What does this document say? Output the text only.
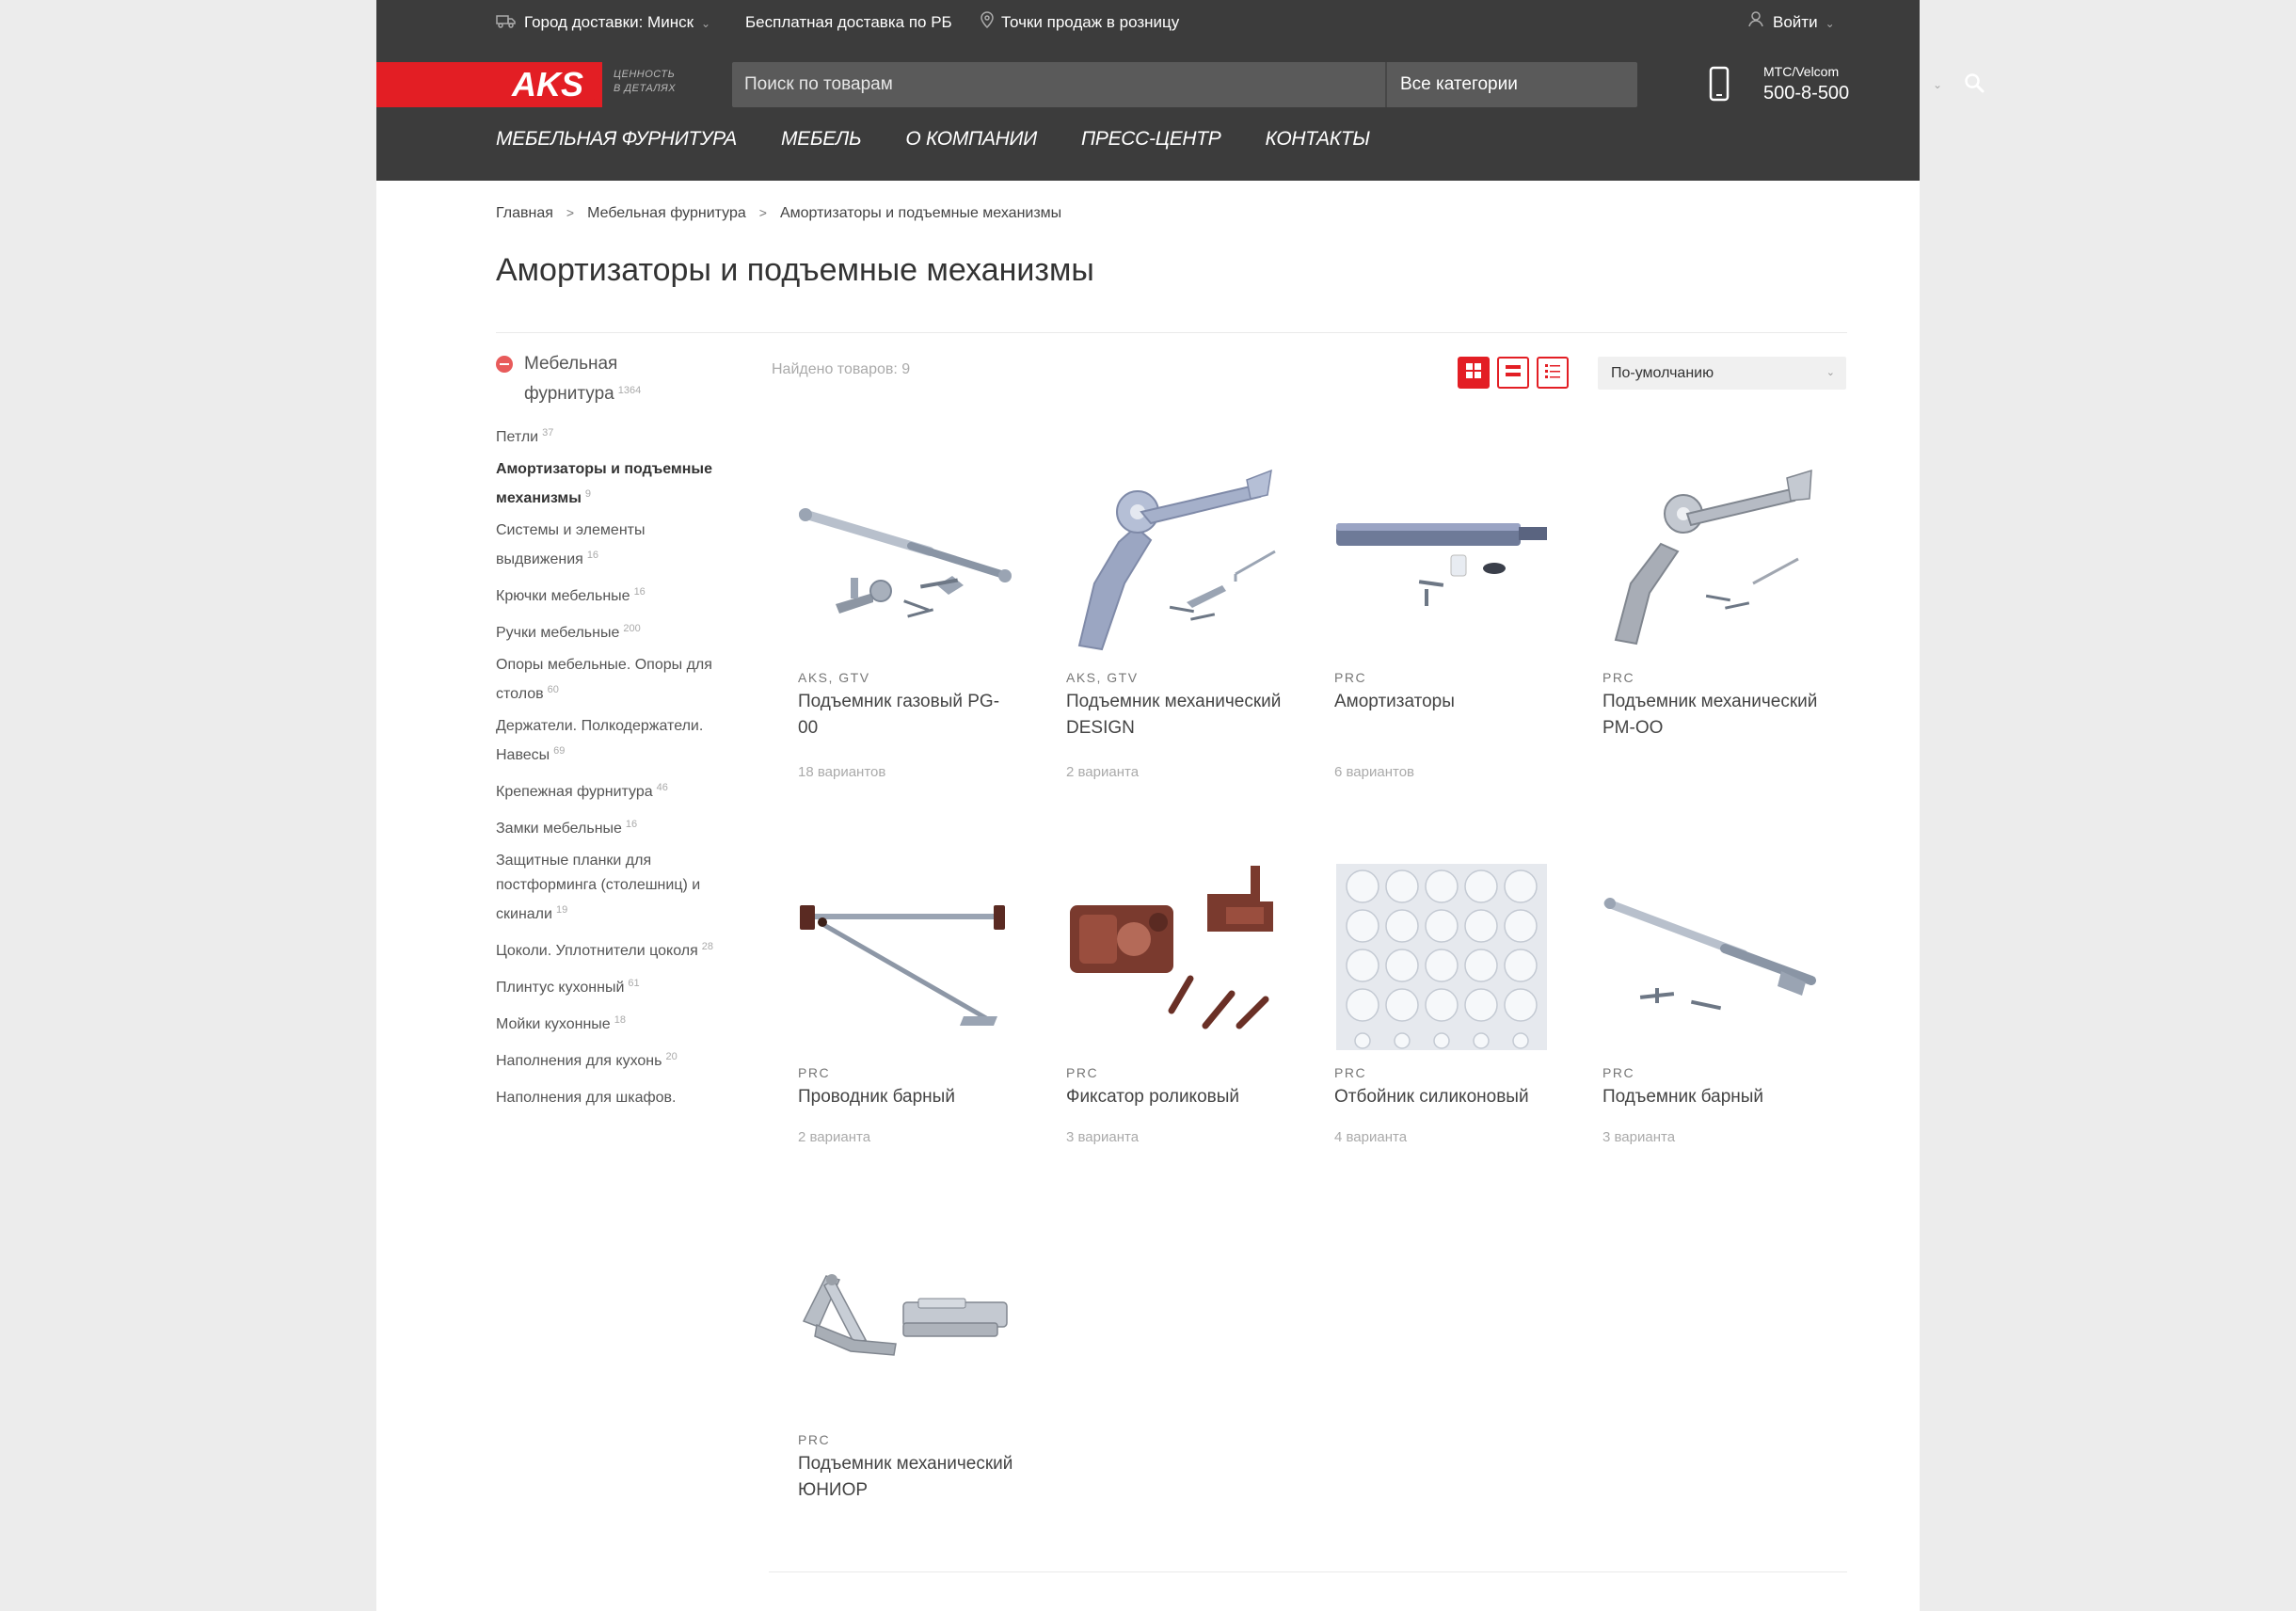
Город доставки: Минск ⌄ Бесплатная доставка по РБ	Точки продаж в розницу	Войти ⌄
AKS	ЦЕННОСТЬ
В ДЕТАЛЯХ
Поиск по товарам	Все категории	⌄
МТС/Velcom
500-8-500
МЕБЕЛЬНАЯ ФУРНИТУРА МЕБЕЛЬ О КОМПАНИИ ПРЕСС-ЦЕНТР КОНТАКТЫ
Главная > Мебельная фурнитура > Амортизаторы и подъемные механизмы
Амортизаторы и подъемные механизмы
Мебельная фурнитура $^{1364}$
Петли $^{37}$
Амортизаторы и подъемные механизмы $^9$
Системы и элементы выдвижения $^{16}$
Крючки мебельные $^{16}$
Ручки мебельные $^{200}$
Опоры мебельные. Опоры для столов $^{60}$
Держатели. Полкодержатели. Навесы $^{69}$
Крепежная фурнитура $^{46}$
Замки мебельные $^{16}$
Защитные планки для постформинга (столешниц) и скинали $^{19}$
Цоколи. Уплотнители цоколя $^{28}$
Плинтус кухонный $^{61}$
Мойки кухонные $^{18}$
Наполнения для кухонь $^{20}$
Наполнения для шкафов.
Найдено товаров: 9	По-умолчанию	⌄
AKS, GTV
Подъемник газовый PG-00
18 вариантов
AKS, GTV
Подъемник механический DESIGN
2 варианта
PRC
Амортизаторы
6 вариантов
PRC
Подъемник механический PM-OO
PRC
Проводник барный
2 варианта
PRC
Фиксатор роликовый
3 варианта
PRC
Отбойник силиконовый
4 варианта
PRC
Подъемник барный
3 варианта
PRC
Подъемник механический ЮНИОР
